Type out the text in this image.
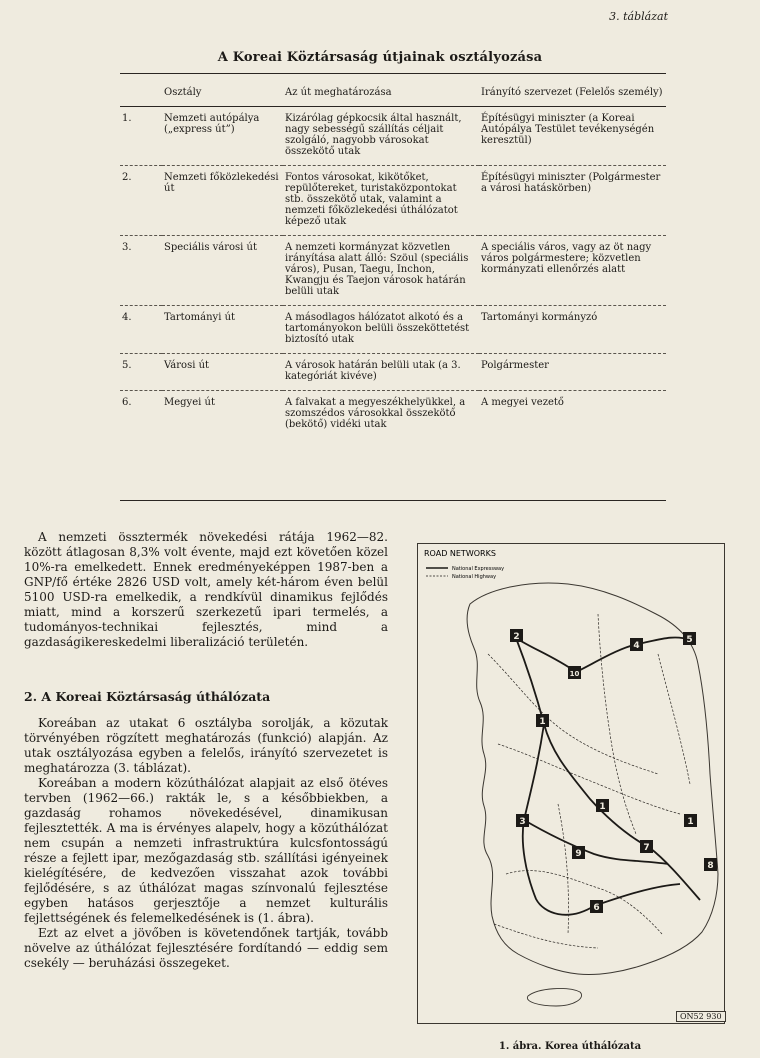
3. táblázat
A Koreai Köztársaság útjainak osztályozása
	Osztály	Az út meghatározása	Irányító szervezet (Felelős személy)
1.	Nemzeti autópálya („express út”)	Kizárólag gépkocsik által használt, nagy sebességű szállítás céljait szolgáló, nagyobb városokat összekötő utak	Építésügyi miniszter (a Koreai Autópálya Testület tevékenységén keresztül)
2.	Nemzeti főközlekedési út	Fontos városokat, kikötőket, repülőtereket, turistaközpontokat stb. összekötő utak, valamint a nemzeti főközlekedési úthálózatot képező utak	Építésügyi miniszter (Polgármester a városi hatáskörben)
3.	Speciális városi út	A nemzeti kormányzat közvetlen irányítása alatt álló: Szöul (speciális város), Pusan, Taegu, Inchon, Kwangju és Taejon városok határán belüli utak	A speciális város, vagy az öt nagy város polgármestere; közvetlen kormányzati ellenőrzés alatt
4.	Tartományi út	A másodlagos hálózatot alkotó és a tartományokon belüli összeköttetést biztosító utak	Tartományi kormányzó
5.	Városi út	A városok határán belüli utak (a 3. kategóriát kivéve)	Polgármester
6.	Megyei út	A falvakat a megyeszékhelyükkel, a szomszédos városokkal összekötő (bekötő) vidéki utak	A megyei vezető

A nemzeti össztermék növekedési rátája 1962—82. között átlagosan 8,3% volt évente, majd ezt követően közel 10%-ra emelkedett. Ennek eredményeképpen 1987-ben a GNP/fő értéke 2826 USD volt, amely két-három éven belül 5100 USD-ra emelkedik, a rendkívül dinamikus fejlődés miatt, mind a korszerű szerkezetű ipari termelés, a tudományos-technikai fejlesztés, mind a gazdaságikereskedelmi liberalizáció területén.

2. A Koreai Köztársaság úthálózata

Koreában az utakat 6 osztályba sorolják, a közutak törvényében rögzített meghatározás (funkció) alapján. Az utak osztályozása egyben a felelős, irányító szervezetet is meghatározza (3. táblázat).

Koreában a modern közúthálózat alapjait az első ötéves tervben (1962—66.) rakták le, s a későbbiekben, a gazdaság rohamos növekedésével, dinamikusan fejlesztették. A ma is érvényes alapelv, hogy a közúthálózat nem csupán a nemzeti infrastruktúra kulcsfontosságú része a fejlett ipar, mezőgazdaság stb. szállítási igényeinek kielégítésére, de kedvezően visszahat azok további fejlődésére, s az úthálózat magas színvonalú fejlesztése egyben hatásos gerjesztője a nemzet kulturális fejlettségének és felemelkedésének is (1. ábra).

Ezt az elvet a jövőben is követendőnek tartják, tovább növelve az úthálózat fejlesztésére fordítandó — eddig sem csekély — beruházási összegeket.

ROAD NETWORKS
National Expressway
National Highway
2
10
4
5
1
1
1
3
9
7
8
6
ON52 930
1. ábra. Korea úthálózata
